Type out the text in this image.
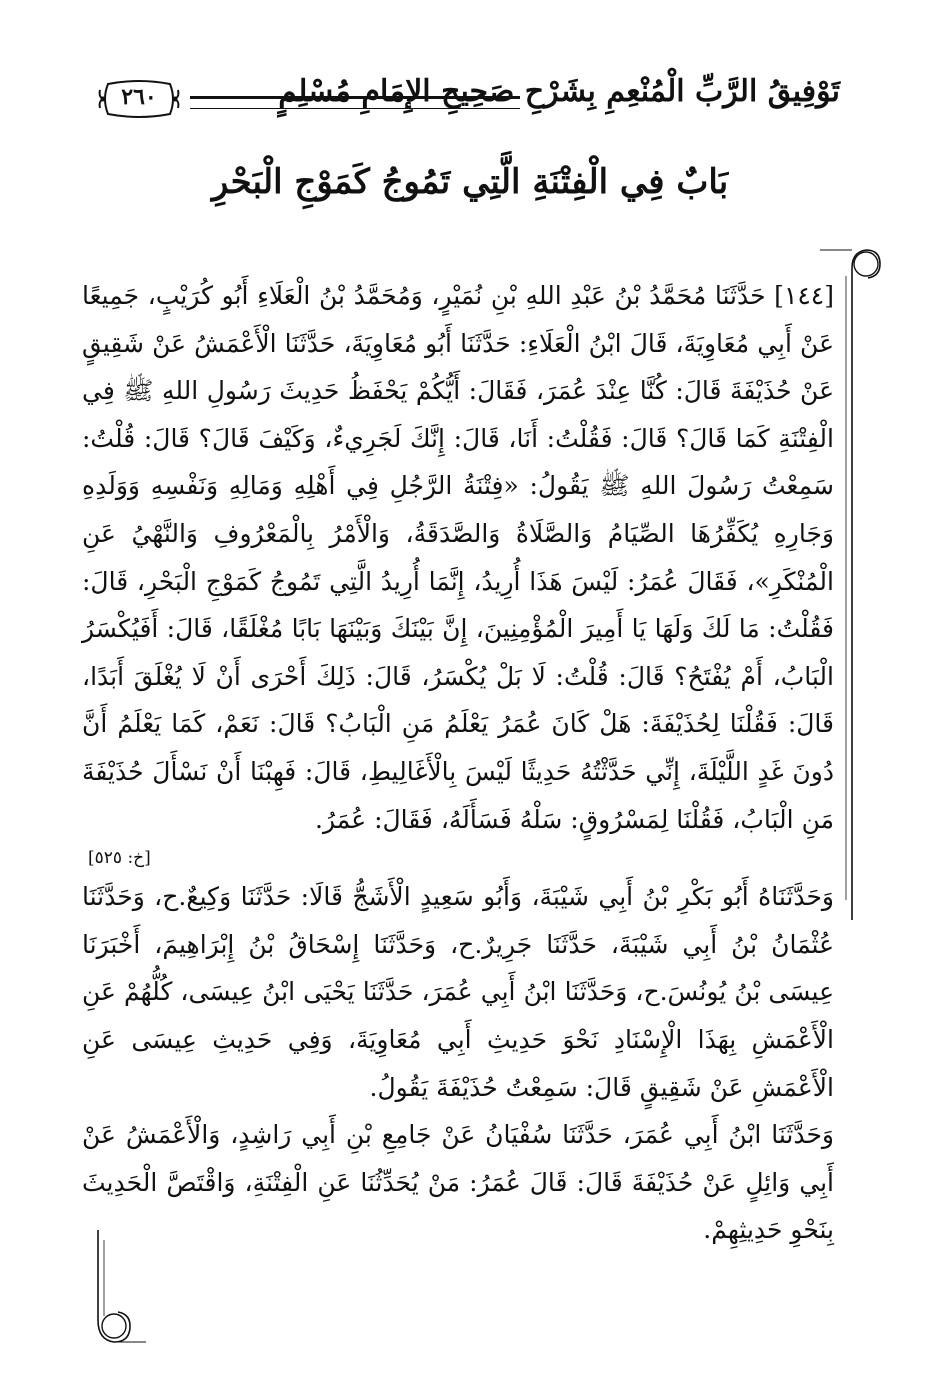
تَوْفِيقُ الرَّبِّ الْمُنْعِمِ بِشَرْحِ صَحِيحِ الإِمَامِ مُسْلِمٍ
٢٦٠
بَابٌ فِي الْفِتْنَةِ الَّتِي تَمُوجُ كَمَوْجِ الْبَحْرِ

[١٤٤] حَدَّثَنَا مُحَمَّدُ بْنُ عَبْدِ اللهِ بْنِ نُمَيْرٍ، وَمُحَمَّدُ بْنُ الْعَلَاءِ أَبُو كُرَيْبٍ، جَمِيعًا عَنْ أَبِي مُعَاوِيَةَ، قَالَ ابْنُ الْعَلَاءِ: حَدَّثَنَا أَبُو مُعَاوِيَةَ، حَدَّثَنَا الْأَعْمَشُ عَنْ شَقِيقٍ عَنْ حُذَيْفَةَ قَالَ: كُنَّا عِنْدَ عُمَرَ، فَقَالَ: أَيُّكُمْ يَحْفَظُ حَدِيثَ رَسُولِ اللهِ ﷺ فِي الْفِتْنَةِ كَمَا قَالَ؟ قَالَ: فَقُلْتُ: أَنَا، قَالَ: إِنَّكَ لَجَرِيءٌ، وَكَيْفَ قَالَ؟ قَالَ: قُلْتُ: سَمِعْتُ رَسُولَ اللهِ ﷺ يَقُولُ: «فِتْنَةُ الرَّجُلِ فِي أَهْلِهِ وَمَالِهِ وَنَفْسِهِ وَوَلَدِهِ وَجَارِهِ يُكَفِّرُهَا الصِّيَامُ وَالصَّلَاةُ وَالصَّدَقَةُ، وَالْأَمْرُ بِالْمَعْرُوفِ وَالنَّهْيُ عَنِ الْمُنْكَرِ»، فَقَالَ عُمَرُ: لَيْسَ هَذَا أُرِيدُ، إِنَّمَا أُرِيدُ الَّتِي تَمُوجُ كَمَوْجِ الْبَحْرِ، قَالَ: فَقُلْتُ: مَا لَكَ وَلَهَا يَا أَمِيرَ الْمُؤْمِنِينَ، إِنَّ بَيْنَكَ وَبَيْنَهَا بَابًا مُغْلَقًا، قَالَ: أَفَيُكْسَرُ الْبَابُ، أَمْ يُفْتَحُ؟ قَالَ: قُلْتُ: لَا بَلْ يُكْسَرُ، قَالَ: ذَلِكَ أَحْرَى أَنْ لَا يُغْلَقَ أَبَدًا، قَالَ: فَقُلْنَا لِحُذَيْفَةَ: هَلْ كَانَ عُمَرُ يَعْلَمُ مَنِ الْبَابُ؟ قَالَ: نَعَمْ، كَمَا يَعْلَمُ أَنَّ دُونَ غَدٍ اللَّيْلَةَ، إِنِّي حَدَّثْتُهُ حَدِيثًا لَيْسَ بِالْأَغَالِيطِ، قَالَ: فَهِبْنَا أَنْ نَسْأَلَ حُذَيْفَةَ مَنِ الْبَابُ، فَقُلْنَا لِمَسْرُوقٍ: سَلْهُ فَسَأَلَهُ، فَقَالَ: عُمَرُ.

[خ: ٥٢٥]

وَحَدَّثَنَاهُ أَبُو بَكْرِ بْنُ أَبِي شَيْبَةَ، وَأَبُو سَعِيدٍ الْأَشَجُّ قَالَا: حَدَّثَنَا وَكِيعٌ.ح، وَحَدَّثَنَا عُثْمَانُ بْنُ أَبِي شَيْبَةَ، حَدَّثَنَا جَرِيرٌ.ح، وَحَدَّثَنَا إِسْحَاقُ بْنُ إِبْرَاهِيمَ، أَخْبَرَنَا عِيسَى بْنُ يُونُسَ.ح، وَحَدَّثَنَا ابْنُ أَبِي عُمَرَ، حَدَّثَنَا يَحْيَى ابْنُ عِيسَى، كُلُّهُمْ عَنِ الْأَعْمَشِ بِهَذَا الْإِسْنَادِ نَحْوَ حَدِيثِ أَبِي مُعَاوِيَةَ، وَفِي حَدِيثِ عِيسَى عَنِ الْأَعْمَشِ عَنْ شَقِيقٍ قَالَ: سَمِعْتُ حُذَيْفَةَ يَقُولُ.

وَحَدَّثَنَا ابْنُ أَبِي عُمَرَ، حَدَّثَنَا سُفْيَانُ عَنْ جَامِعِ بْنِ أَبِي رَاشِدٍ، وَالْأَعْمَشُ عَنْ أَبِي وَائِلٍ عَنْ حُذَيْفَةَ قَالَ: قَالَ عُمَرُ: مَنْ يُحَدِّثُنَا عَنِ الْفِتْنَةِ، وَاقْتَصَّ الْحَدِيثَ بِنَحْوِ حَدِيثِهِمْ.
